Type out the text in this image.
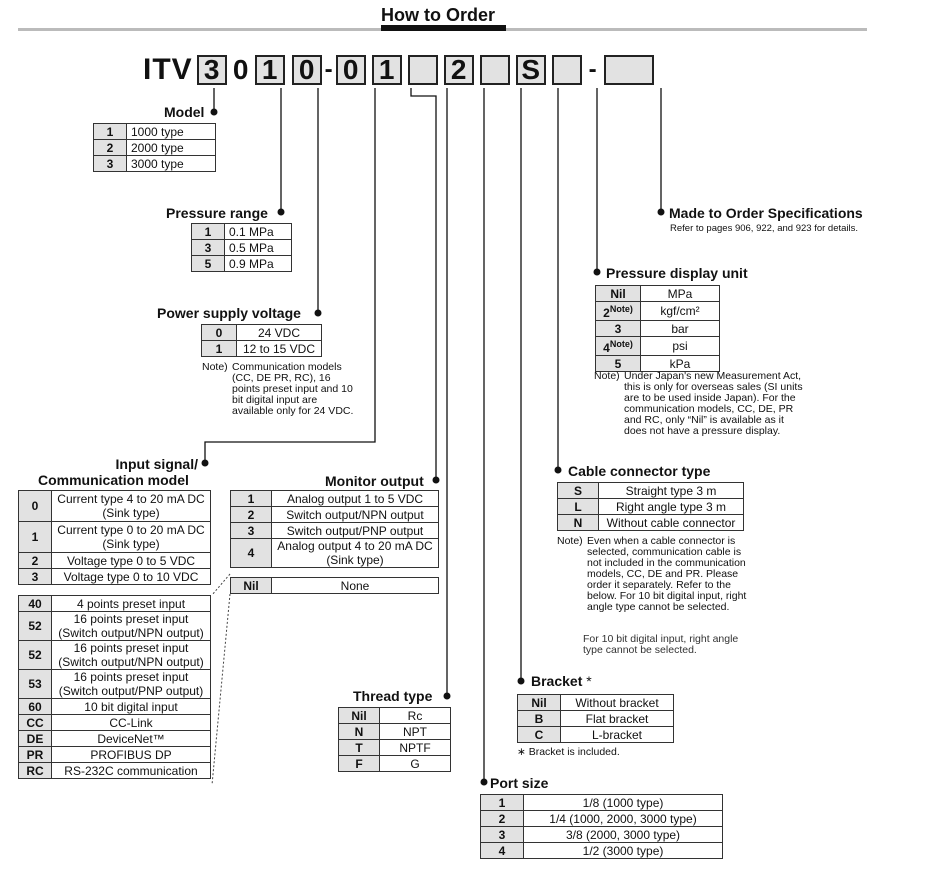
How to Order
ITV 3 0 1 0 - 0 1 2 S -
Model
1	1000 type
2	2000 type
3	3000 type
Pressure range
1	0.1 MPa
3	0.5 MPa
5	0.9 MPa
Power supply voltage
0	24 VDC
1	12 to 15 VDC
Note) Communication models (CC, DE PR, RC), 16 points preset input and 10 bit digital input are available only for 24 VDC.
Input signal/
Communication model
0	Current type 4 to 20 mA DC (Sink type)
1	Current type 0 to 20 mA DC (Sink type)
2	Voltage type 0 to 5 VDC
3	Voltage type 0 to 10 VDC
40	4 points preset input
52	16 points preset input (Switch output/NPN output)
52	16 points preset input (Switch output/NPN output)
53	16 points preset input (Switch output/PNP output)
60	10 bit digital input
CC	CC-Link
DE	DeviceNet™
PR	PROFIBUS DP
RC	RS-232C communication
Monitor output
1	Analog output 1 to 5 VDC
2	Switch output/NPN output
3	Switch output/PNP output
4	Analog output 4 to 20 mA DC (Sink type)
Nil	None
Thread type
Nil	Rc
N	NPT
T	NPTF
F	G
Port size
1	1/8 (1000 type)
2	1/4 (1000, 2000, 3000 type)
3	3/8 (2000, 3000 type)
4	1/2 (3000 type)
Bracket *
Nil	Without bracket
B	Flat bracket
C	L-bracket
∗ Bracket is included.
Cable connector type
S	Straight type 3 m
L	Right angle type 3 m
N	Without cable connector
Note) Even when a cable connector is selected, communication cable is not included in the communication models, CC, DE and PR. Please order it separately. Refer to the below. For 10 bit digital input, right angle type cannot be selected.
For 10 bit digital input, right angle type cannot be selected.
Pressure display unit
Nil	MPa
2$^{Note)}$	kgf/cm²
3	bar
4$^{Note)}$	psi
5	kPa
Note) Under Japan's new Measurement Act, this is only for overseas sales (SI units are to be used inside Japan). For the communication models, CC, DE, PR and RC, only “Nil” is available as it does not have a pressure display.
Made to Order Specifications
Refer to pages 906, 922, and 923 for details.
